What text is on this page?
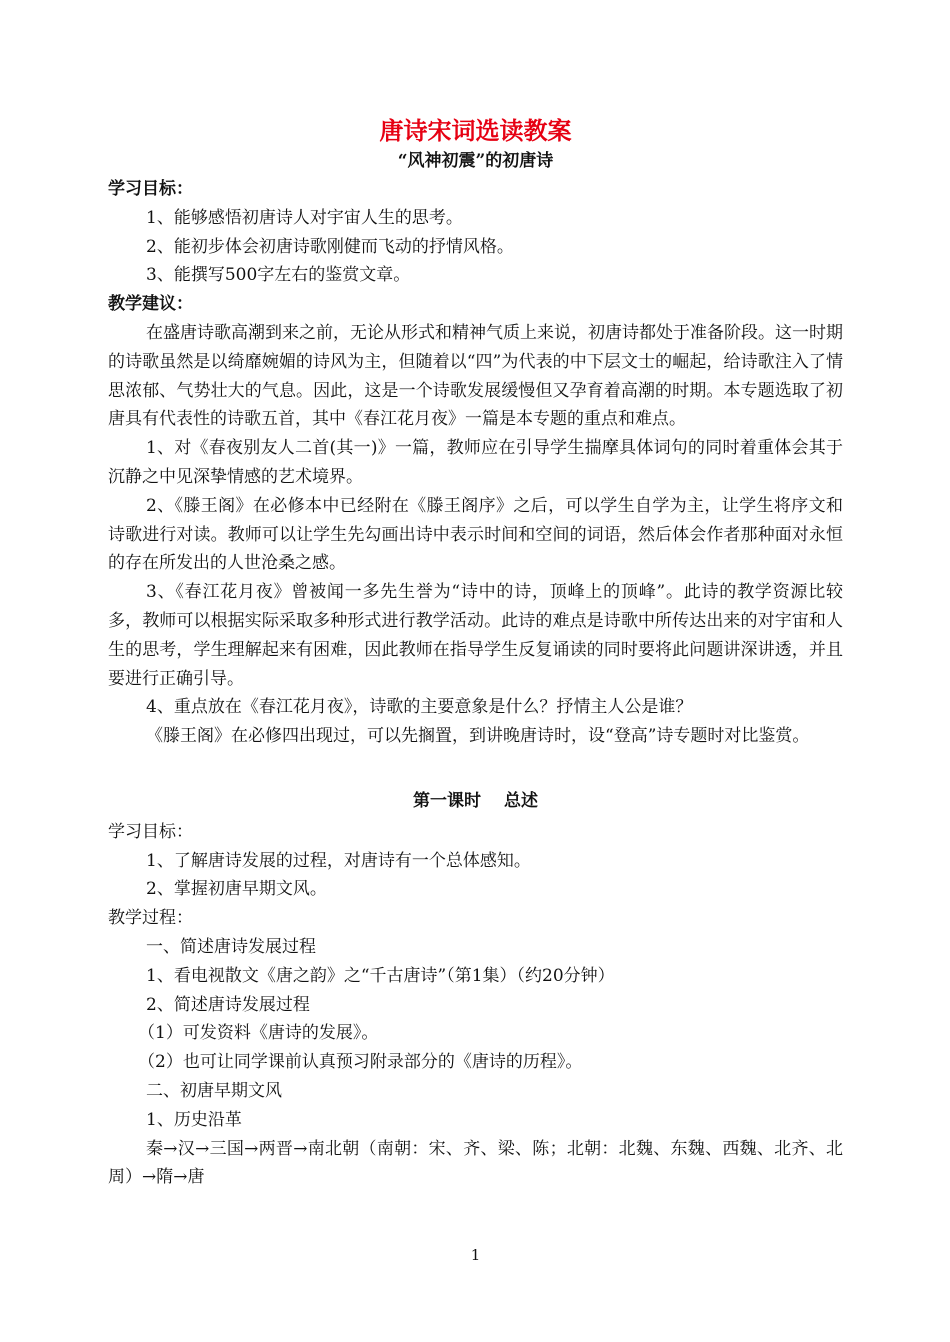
唐诗宋词选读教案
“风神初震”的初唐诗

学习目标：

1、能够感悟初唐诗人对宇宙人生的思考。

2、能初步体会初唐诗歌刚健而飞动的抒情风格。

3、能撰写500字左右的鉴赏文章。

教学建议：

在盛唐诗歌高潮到来之前，无论从形式和精神气质上来说，初唐诗都处于准备阶段。这一时期的诗歌虽然是以绮靡婉媚的诗风为主，但随着以“四”为代表的中下层文士的崛起，给诗歌注入了情思浓郁、气势壮大的气息。因此，这是一个诗歌发展缓慢但又孕育着高潮的时期。本专题选取了初唐具有代表性的诗歌五首，其中《春江花月夜》一篇是本专题的重点和难点。

1、对《春夜别友人二首(其一)》一篇，教师应在引导学生揣摩具体词句的同时着重体会其于沉静之中见深挚情感的艺术境界。

2、《滕王阁》在必修本中已经附在《滕王阁序》之后，可以学生自学为主，让学生将序文和诗歌进行对读。教师可以让学生先勾画出诗中表示时间和空间的词语，然后体会作者那种面对永恒的存在所发出的人世沧桑之感。

3、《春江花月夜》曾被闻一多先生誉为“诗中的诗，顶峰上的顶峰”。此诗的教学资源比较多，教师可以根据实际采取多种形式进行教学活动。此诗的难点是诗歌中所传达出来的对宇宙和人生的思考，学生理解起来有困难，因此教师在指导学生反复诵读的同时要将此问题讲深讲透，并且要进行正确引导。

4、重点放在《春江花月夜》，诗歌的主要意象是什么？抒情主人公是谁？

《滕王阁》在必修四出现过，可以先搁置，到讲晚唐诗时，设“登高”诗专题时对比鉴赏。

第一课时　 总述

学习目标：

1、了解唐诗发展的过程，对唐诗有一个总体感知。

2、掌握初唐早期文风。

教学过程：

一、简述唐诗发展过程

1、看电视散文《唐之韵》之“千古唐诗”（第1集）（约20分钟）

2、简述唐诗发展过程

（1）可发资料《唐诗的发展》。

（2）也可让同学课前认真预习附录部分的《唐诗的历程》。

二、初唐早期文风

1、历史沿革

秦→汉→三国→两晋→南北朝（南朝：宋、齐、梁、陈；北朝：北魏、东魏、西魏、北齐、北周）→隋→唐

1
